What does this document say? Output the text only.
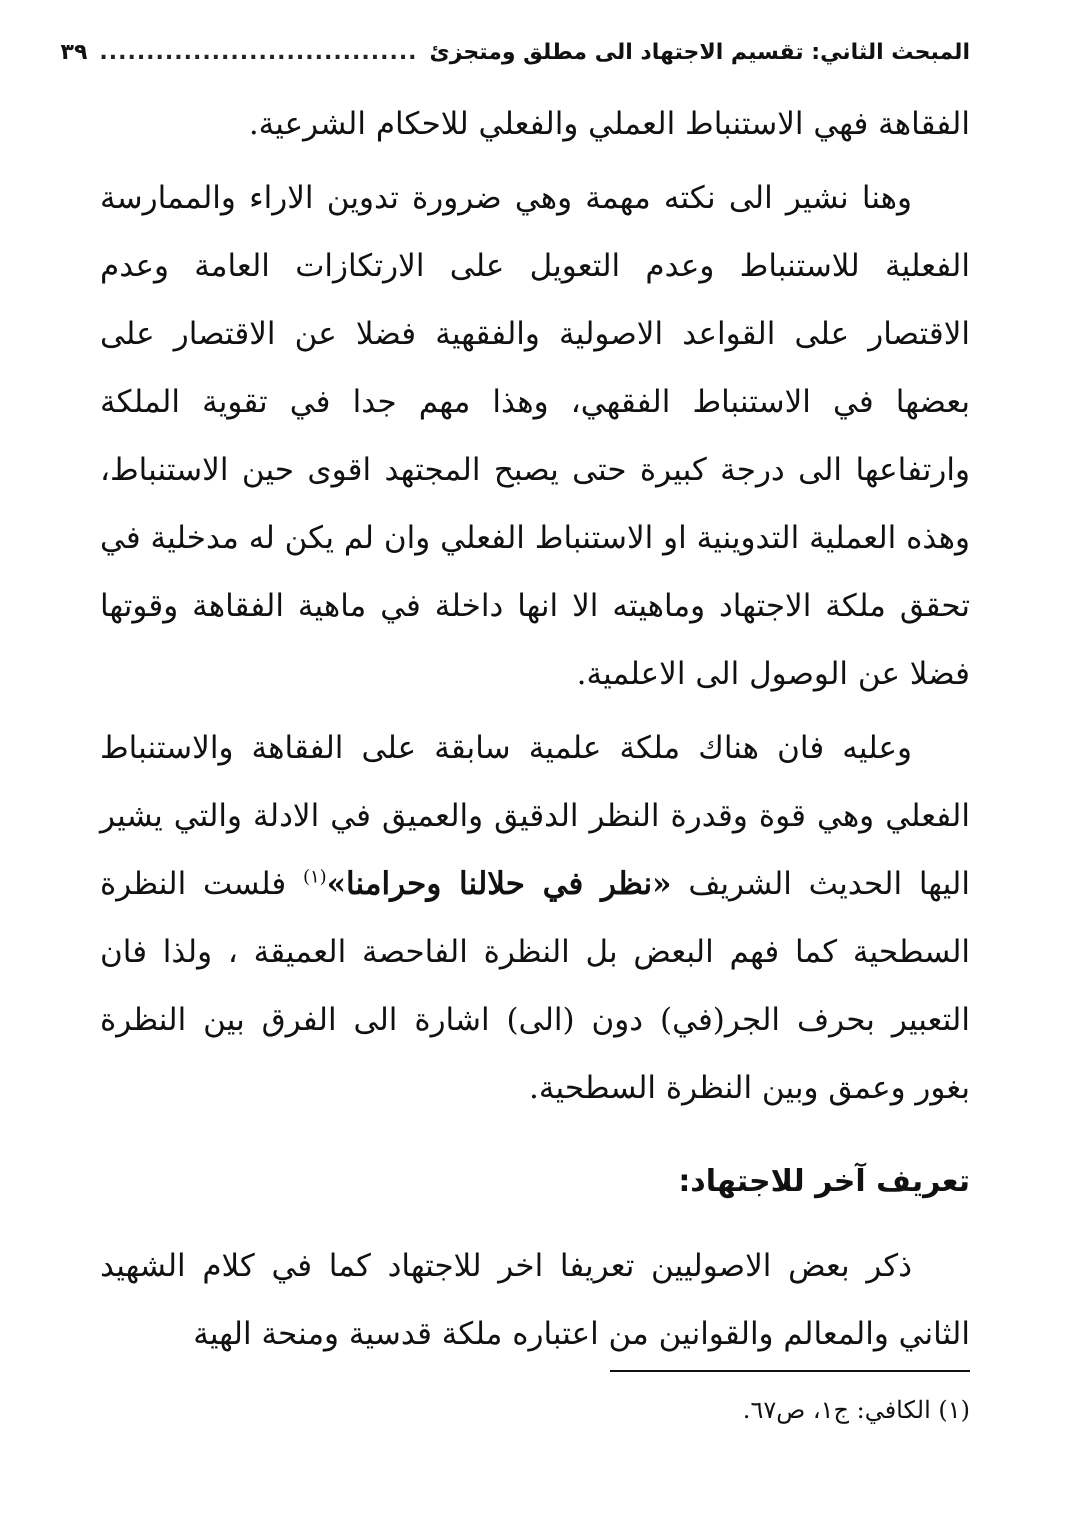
المبحث الثاني: تقسيم الاجتهاد الى مطلق ومتجزئ
..................................
٣٩

الفقاهة فهي الاستنباط العملي والفعلي للاحكام الشرعية.

وهنا نشير الى نكته مهمة وهي ضرورة تدوين الاراء والممارسة الفعلية للاستنباط وعدم التعويل على الارتكازات العامة وعدم الاقتصار على القواعد الاصولية والفقهية فضلا عن الاقتصار على بعضها في الاستنباط الفقهي، وهذا مهم جدا في تقوية الملكة وارتفاعها الى درجة كبيرة حتى يصبح المجتهد اقوى حين الاستنباط، وهذه العملية التدوينية او الاستنباط الفعلي وان لم يكن له مدخلية في تحقق ملكة الاجتهاد وماهيته الا انها داخلة في ماهية الفقاهة وقوتها فضلا عن الوصول الى الاعلمية.

وعليه فان هناك ملكة علمية سابقة على الفقاهة والاستنباط الفعلي وهي قوة وقدرة النظر الدقيق والعميق في الادلة والتي يشير اليها الحديث الشريف «نظر في حلالنا وحرامنا»$^{(١)}$ فلست النظرة السطحية كما فهم البعض بل النظرة الفاحصة العميقة ، ولذا فان التعبير بحرف الجر(في) دون (الى) اشارة الى الفرق بين النظرة بغور وعمق وبين النظرة السطحية.

تعريف آخر للاجتهاد:

ذكر بعض الاصوليين تعريفا اخر للاجتهاد كما في كلام الشهيد الثاني والمعالم والقوانين من اعتباره ملكة قدسية ومنحة الهية

(١) الكافي: ج١، ص٦٧.
